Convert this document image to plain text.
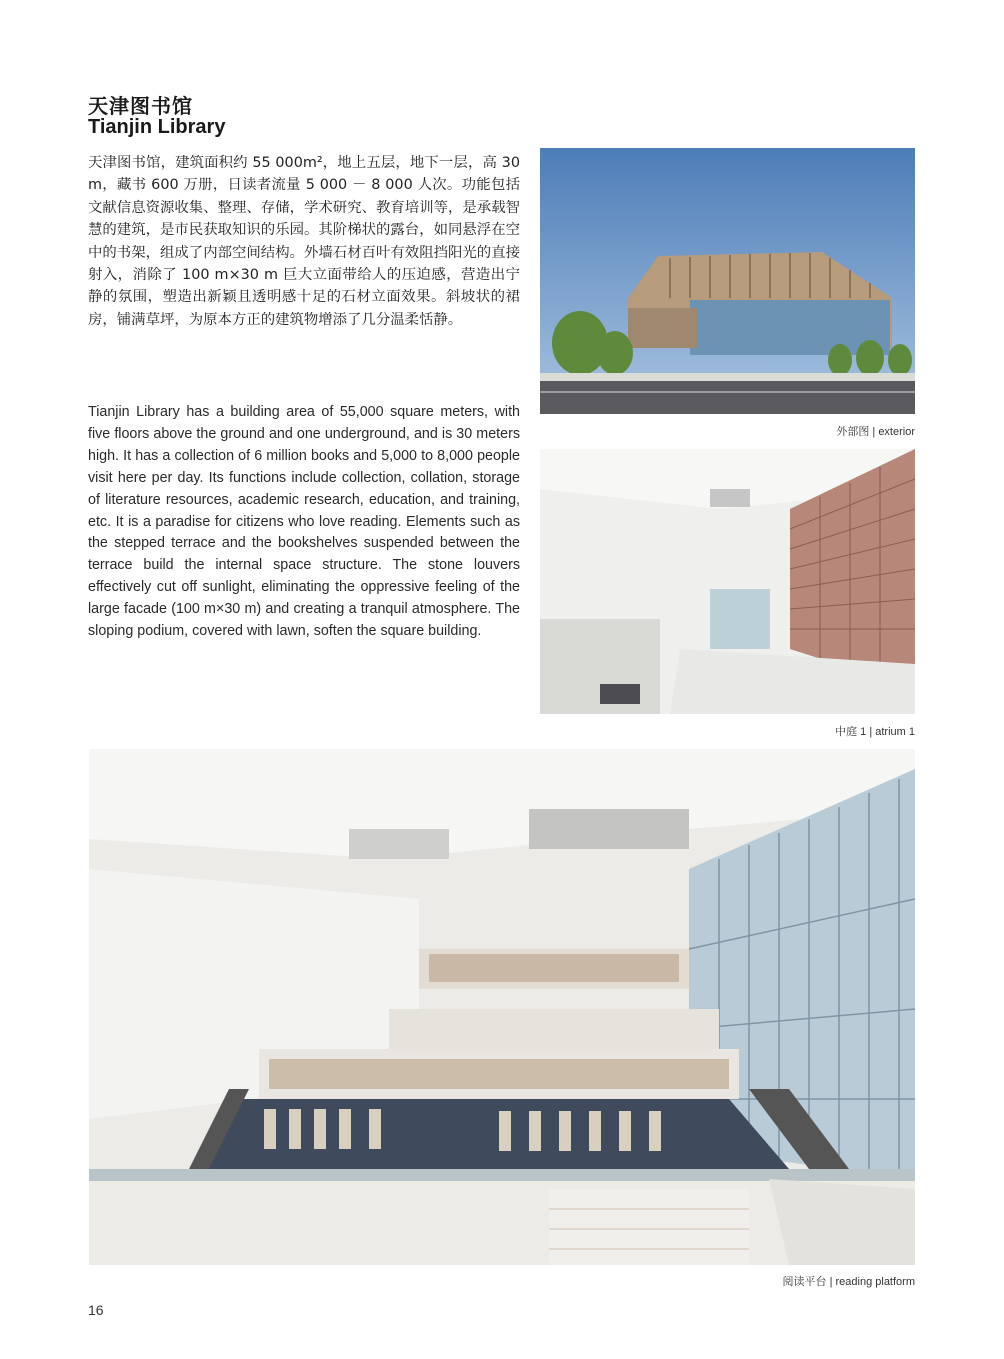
天津图书馆
Tianjin Library
天津图书馆，建筑面积约 55 000m²，地上五层，地下一层，高 30 m，藏书 600 万册，日读者流量 5 000 － 8 000 人次。功能包括文献信息资源收集、整理、存储，学术研究、教育培训等，是承载智慧的建筑，是市民获取知识的乐园。其阶梯状的露台，如同悬浮在空中的书架，组成了内部空间结构。外墙石材百叶有效阻挡阳光的直接射入，消除了 100 m×30 m 巨大立面带给人的压迫感，营造出宁静的氛围，塑造出新颖且透明感十足的石材立面效果。斜坡状的裙房，铺满草坪，为原本方正的建筑物增添了几分温柔恬静。
Tianjin Library has a building area of 55,000 square meters, with five floors above the ground and one underground, and is 30 meters high. It has a collection of 6 million books and 5,000 to 8,000 people visit here per day. Its functions include collection, collation, storage of literature resources, academic research, education, and training, etc. It is a paradise for citizens who love reading. Elements such as the stepped terrace and the bookshelves suspended between the terrace build the internal space structure. The stone louvers effectively cut off sunlight, eliminating the oppressive feeling of the large facade (100 m×30 m) and creating a tranquil atmosphere. The sloping podium, covered with lawn, soften the square building.
外部图 | exterior
中庭 1 | atrium 1
阅读平台 | reading platform
16
